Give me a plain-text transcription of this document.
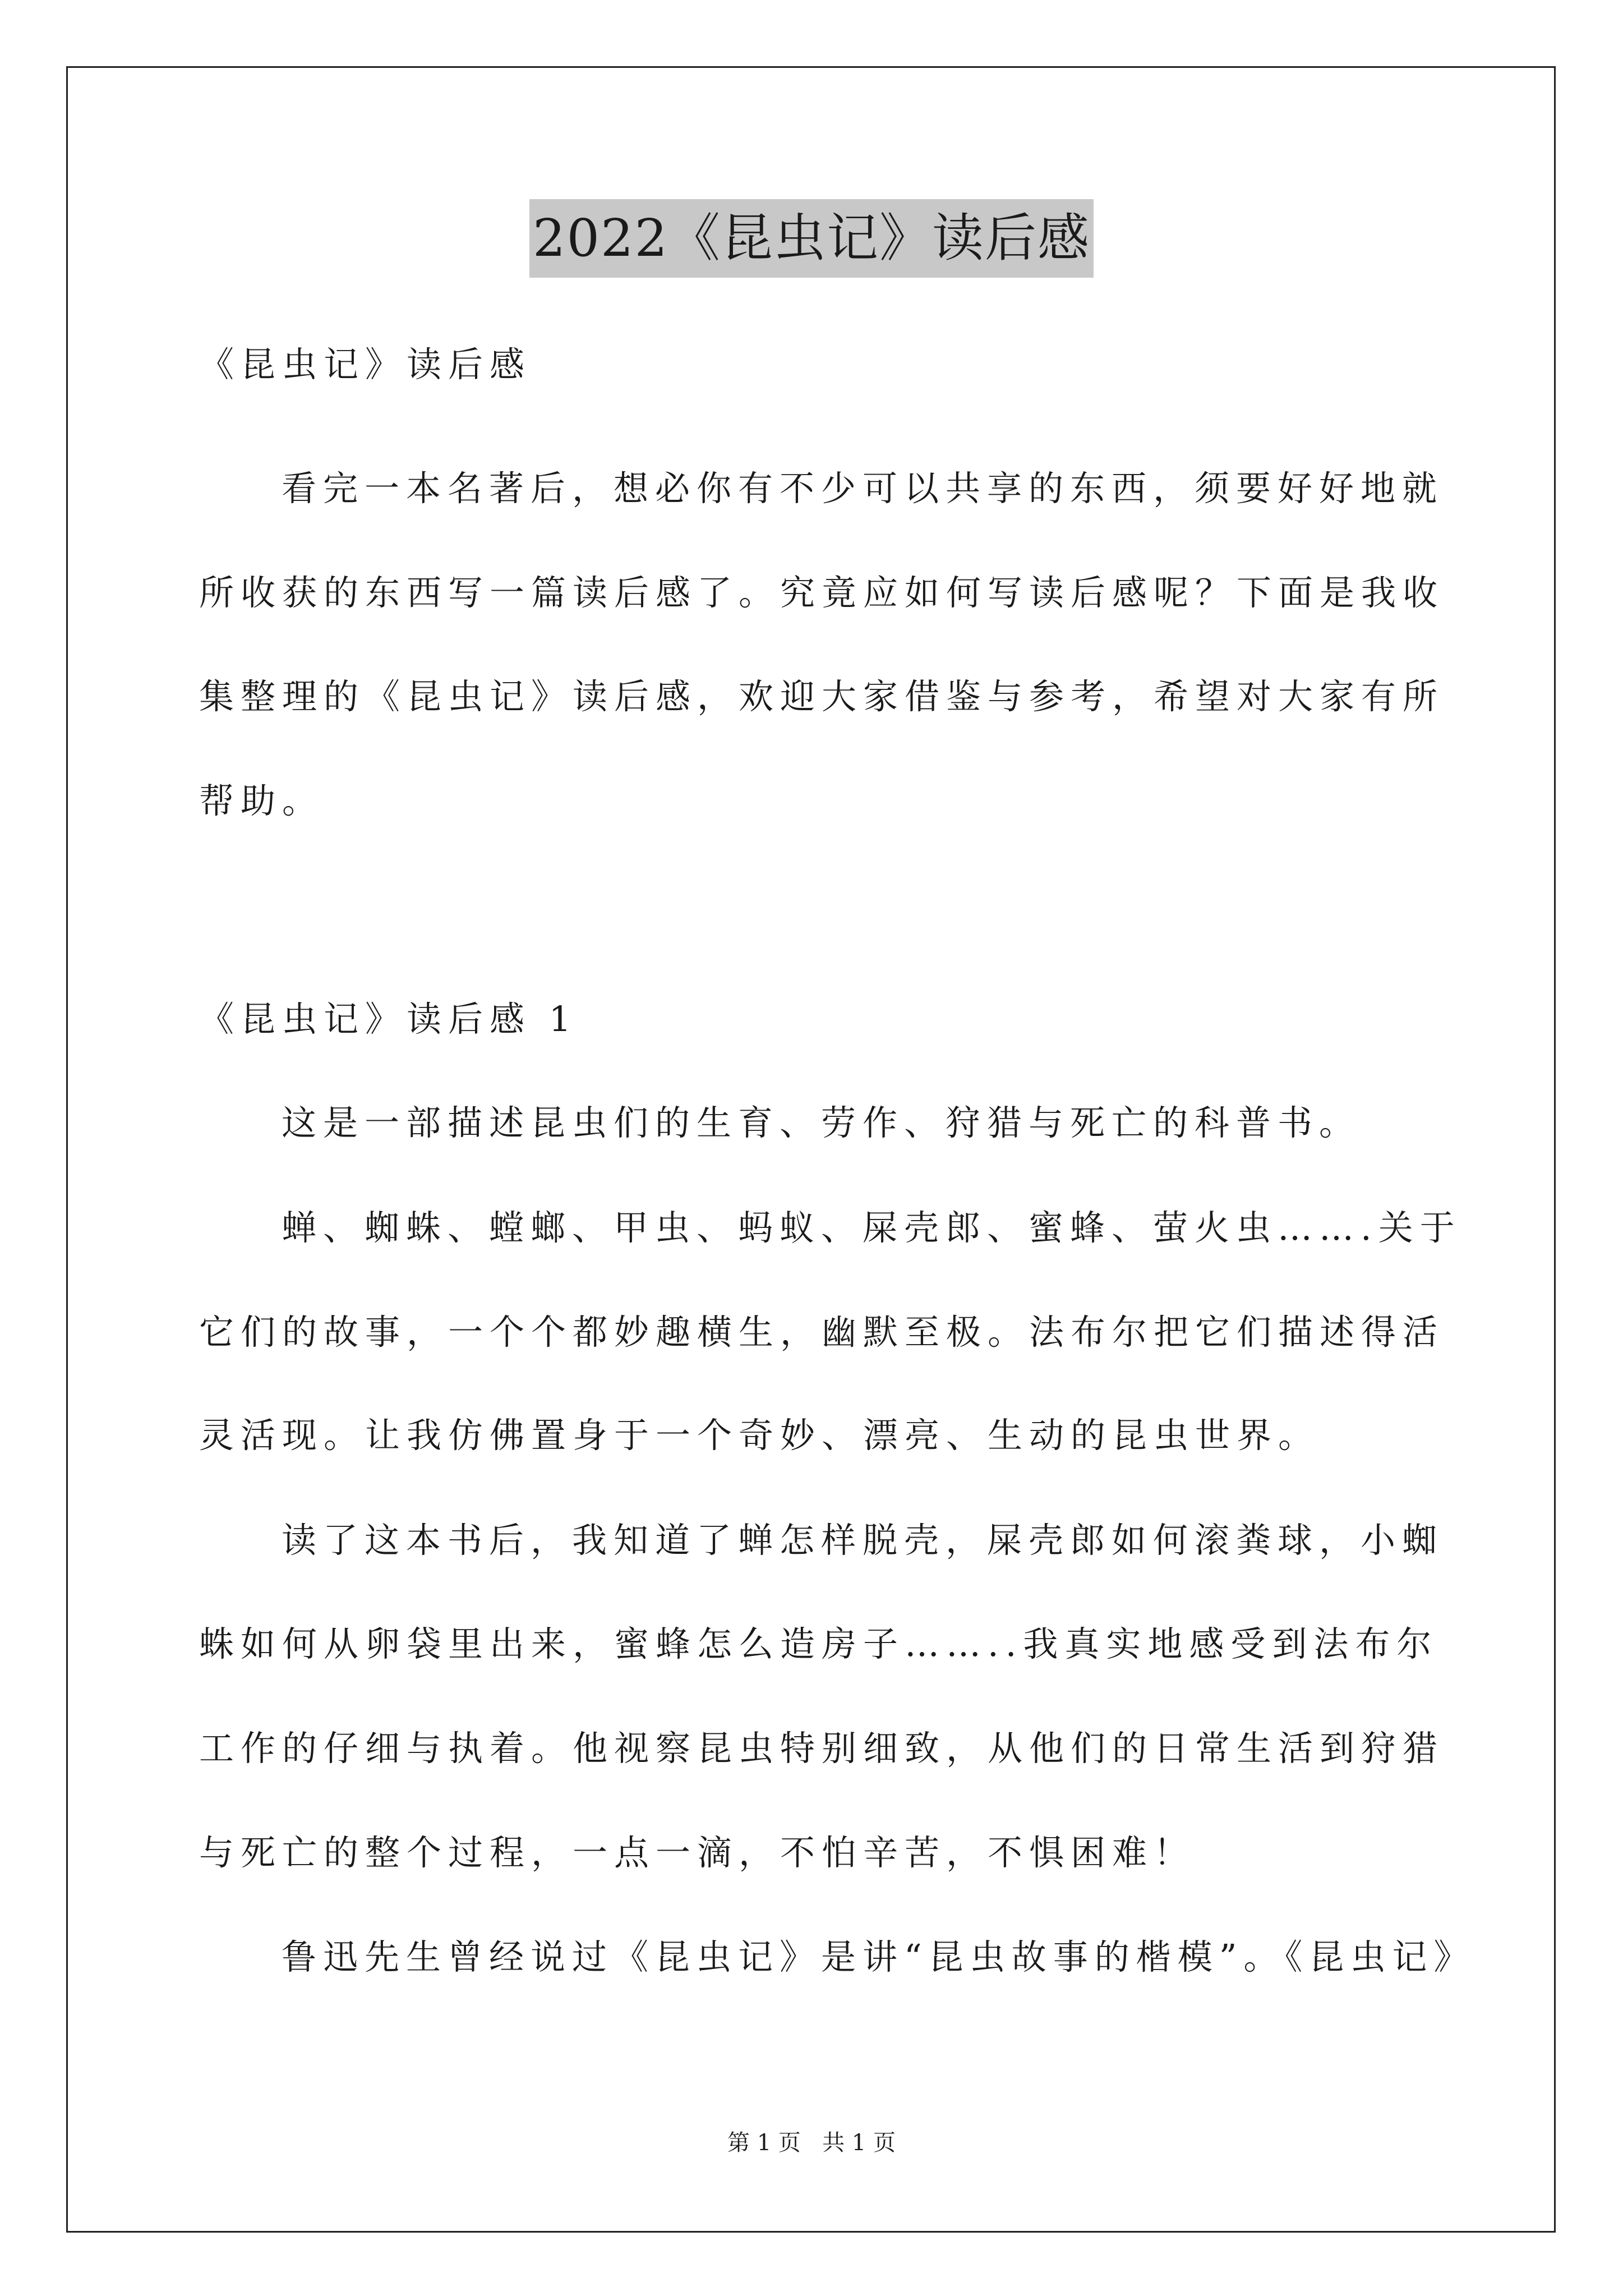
2022《昆虫记》读后感
《昆虫记》读后感
看完一本名著后，想必你有不少可以共享的东西，须要好好地就
所收获的东西写一篇读后感了。究竟应如何写读后感呢？下面是我收
集整理的《昆虫记》读后感，欢迎大家借鉴与参考，希望对大家有所
帮助。
《昆虫记》读后感 1
这是一部描述昆虫们的生育、劳作、狩猎与死亡的科普书。
蝉、蜘蛛、螳螂、甲虫、蚂蚁、屎壳郎、蜜蜂、萤火虫…….关于
它们的故事，一个个都妙趣横生，幽默至极。法布尔把它们描述得活
灵活现。让我仿佛置身于一个奇妙、漂亮、生动的昆虫世界。
读了这本书后，我知道了蝉怎样脱壳，屎壳郎如何滚粪球，小蜘
蛛如何从卵袋里出来，蜜蜂怎么造房子……..我真实地感受到法布尔
工作的仔细与执着。他视察昆虫特别细致，从他们的日常生活到狩猎
与死亡的整个过程，一点一滴，不怕辛苦，不惧困难！
鲁迅先生曾经说过《昆虫记》是讲“昆虫故事的楷模”。《昆虫记》
第 1 页   共 1 页
